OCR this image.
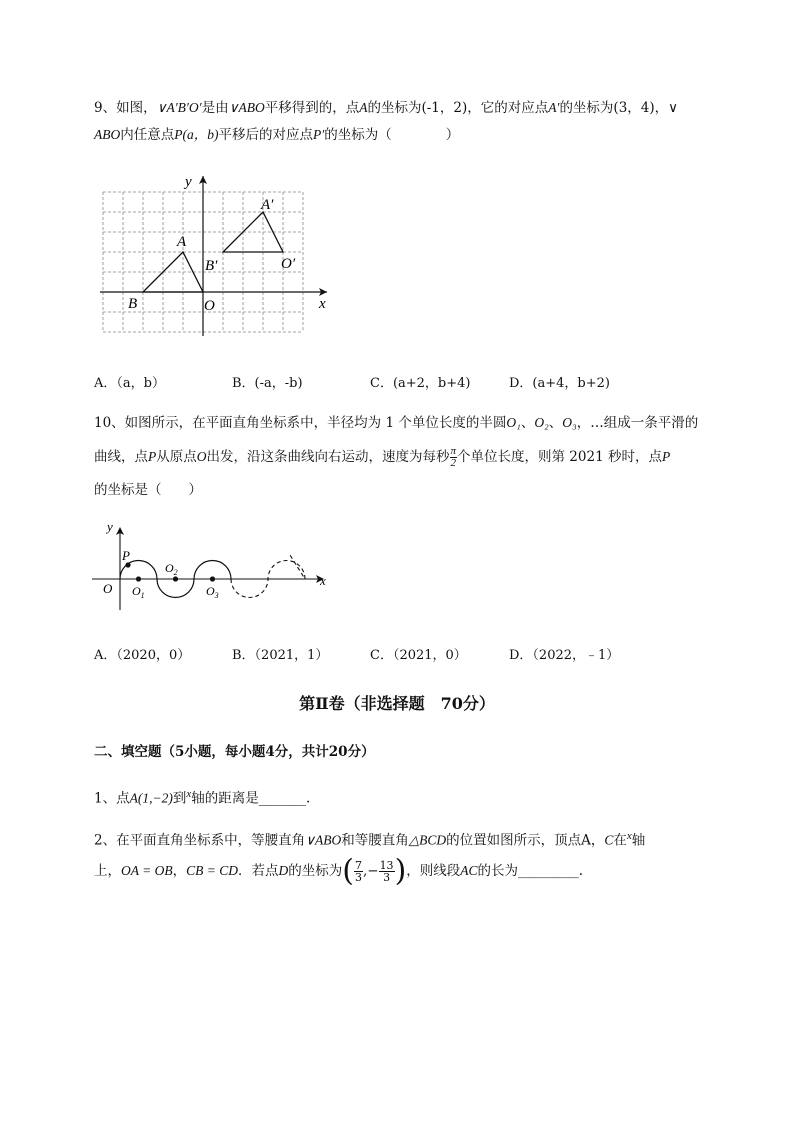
9、如图，∨A′B′O′是由∨ABO平移得到的，点A的坐标为(-1，2)，它的对应点A′的坐标为(3，4)，∨
ABO内任意点P(a，b)平移后的对应点P′的坐标为（　　　　）
y
x
A
A′
B
B′
O
O′
A．（a，b）	B．(-a，-b)	C．(a+2，b+4)	D．(a+4，b+2)
10、如图所示，在平面直角坐标系中，半径均为 1 个单位长度的半圆O₁、O₂、O₃，…组成一条平滑的
曲线，点P从原点O出发，沿这条曲线向右运动，速度为每秒 $\frac{\pi}{2}$ 个单位长度，则第 2021 秒时，点P
的坐标是（　　）
y
x
P
O $O_1$
$O_2$
$O_3$
A．（2020，0）	B．（2021，1）	C．（2021，0）	D．（2022，﹣1）
第Ⅱ卷（非选择题　70分）
二、填空题（5小题，每小题4分，共计20分）
1、点A(1,−2)到$^x$轴的距离是_______.
2、在平面直角坐标系中，等腰直角∨ABO和等腰直角△BCD的位置如图所示，顶点A，C在$^x$轴
上，OA = OB，CB = CD．若点D的坐标为( $\frac{7}{3}$ ,− $\frac{13}{3}$ )，则线段AC的长为_________.
